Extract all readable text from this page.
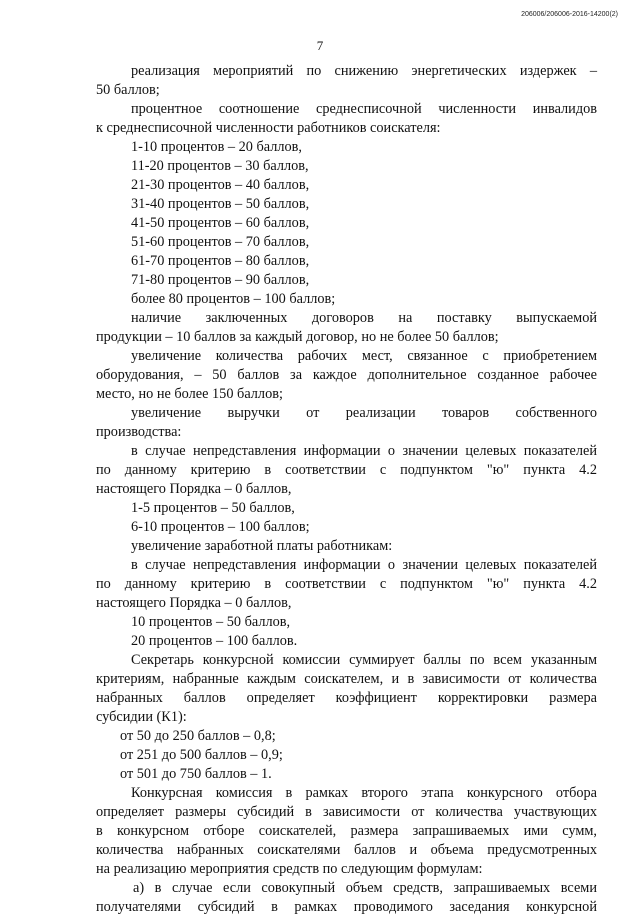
206006/206006-2016-14200(2)
7
реализация мероприятий по снижению энергетических издержек –
50 баллов;
процентное соотношение среднесписочной численности инвалидов
к среднесписочной численности работников соискателя:
1-10 процентов – 20 баллов,
11-20 процентов – 30 баллов,
21-30 процентов – 40 баллов,
31-40 процентов – 50 баллов,
41-50 процентов – 60 баллов,
51-60 процентов – 70 баллов,
61-70 процентов – 80 баллов,
71-80 процентов – 90 баллов,
более 80 процентов – 100 баллов;
наличие заключенных договоров на поставку выпускаемой
продукции – 10 баллов за каждый договор, но не более 50 баллов;
увеличение количества рабочих мест, связанное с приобретением
оборудования, – 50 баллов за каждое дополнительное созданное рабочее
место, но не более 150 баллов;
увеличение выручки от реализации товаров собственного
производства:
в случае непредставления информации о значении целевых показателей
по данному критерию в соответствии с подпунктом "ю" пункта 4.2
настоящего Порядка – 0 баллов,
1-5 процентов – 50 баллов,
6-10 процентов – 100 баллов;
увеличение заработной платы работникам:
в случае непредставления информации о значении целевых показателей
по данному критерию в соответствии с подпунктом "ю" пункта 4.2
настоящего Порядка – 0 баллов,
10 процентов – 50 баллов,
20 процентов – 100 баллов.
Секретарь конкурсной комиссии суммирует баллы по всем указанным
критериям, набранные каждым соискателем, и в зависимости от количества
набранных баллов определяет коэффициент корректировки размера
субсидии (К1):
от 50 до 250 баллов – 0,8;
от 251 до 500 баллов – 0,9;
от 501 до 750 баллов – 1.
Конкурсная комиссия в рамках второго этапа конкурсного отбора
определяет размеры субсидий в зависимости от количества участвующих
в конкурсном отборе соискателей, размера запрашиваемых ими сумм,
количества набранных соискателями баллов и объема предусмотренных
на реализацию мероприятия средств по следующим формулам:
а) в случае если совокупный объем средств, запрашиваемых всеми
получателями субсидий в рамках проводимого заседания конкурсной
